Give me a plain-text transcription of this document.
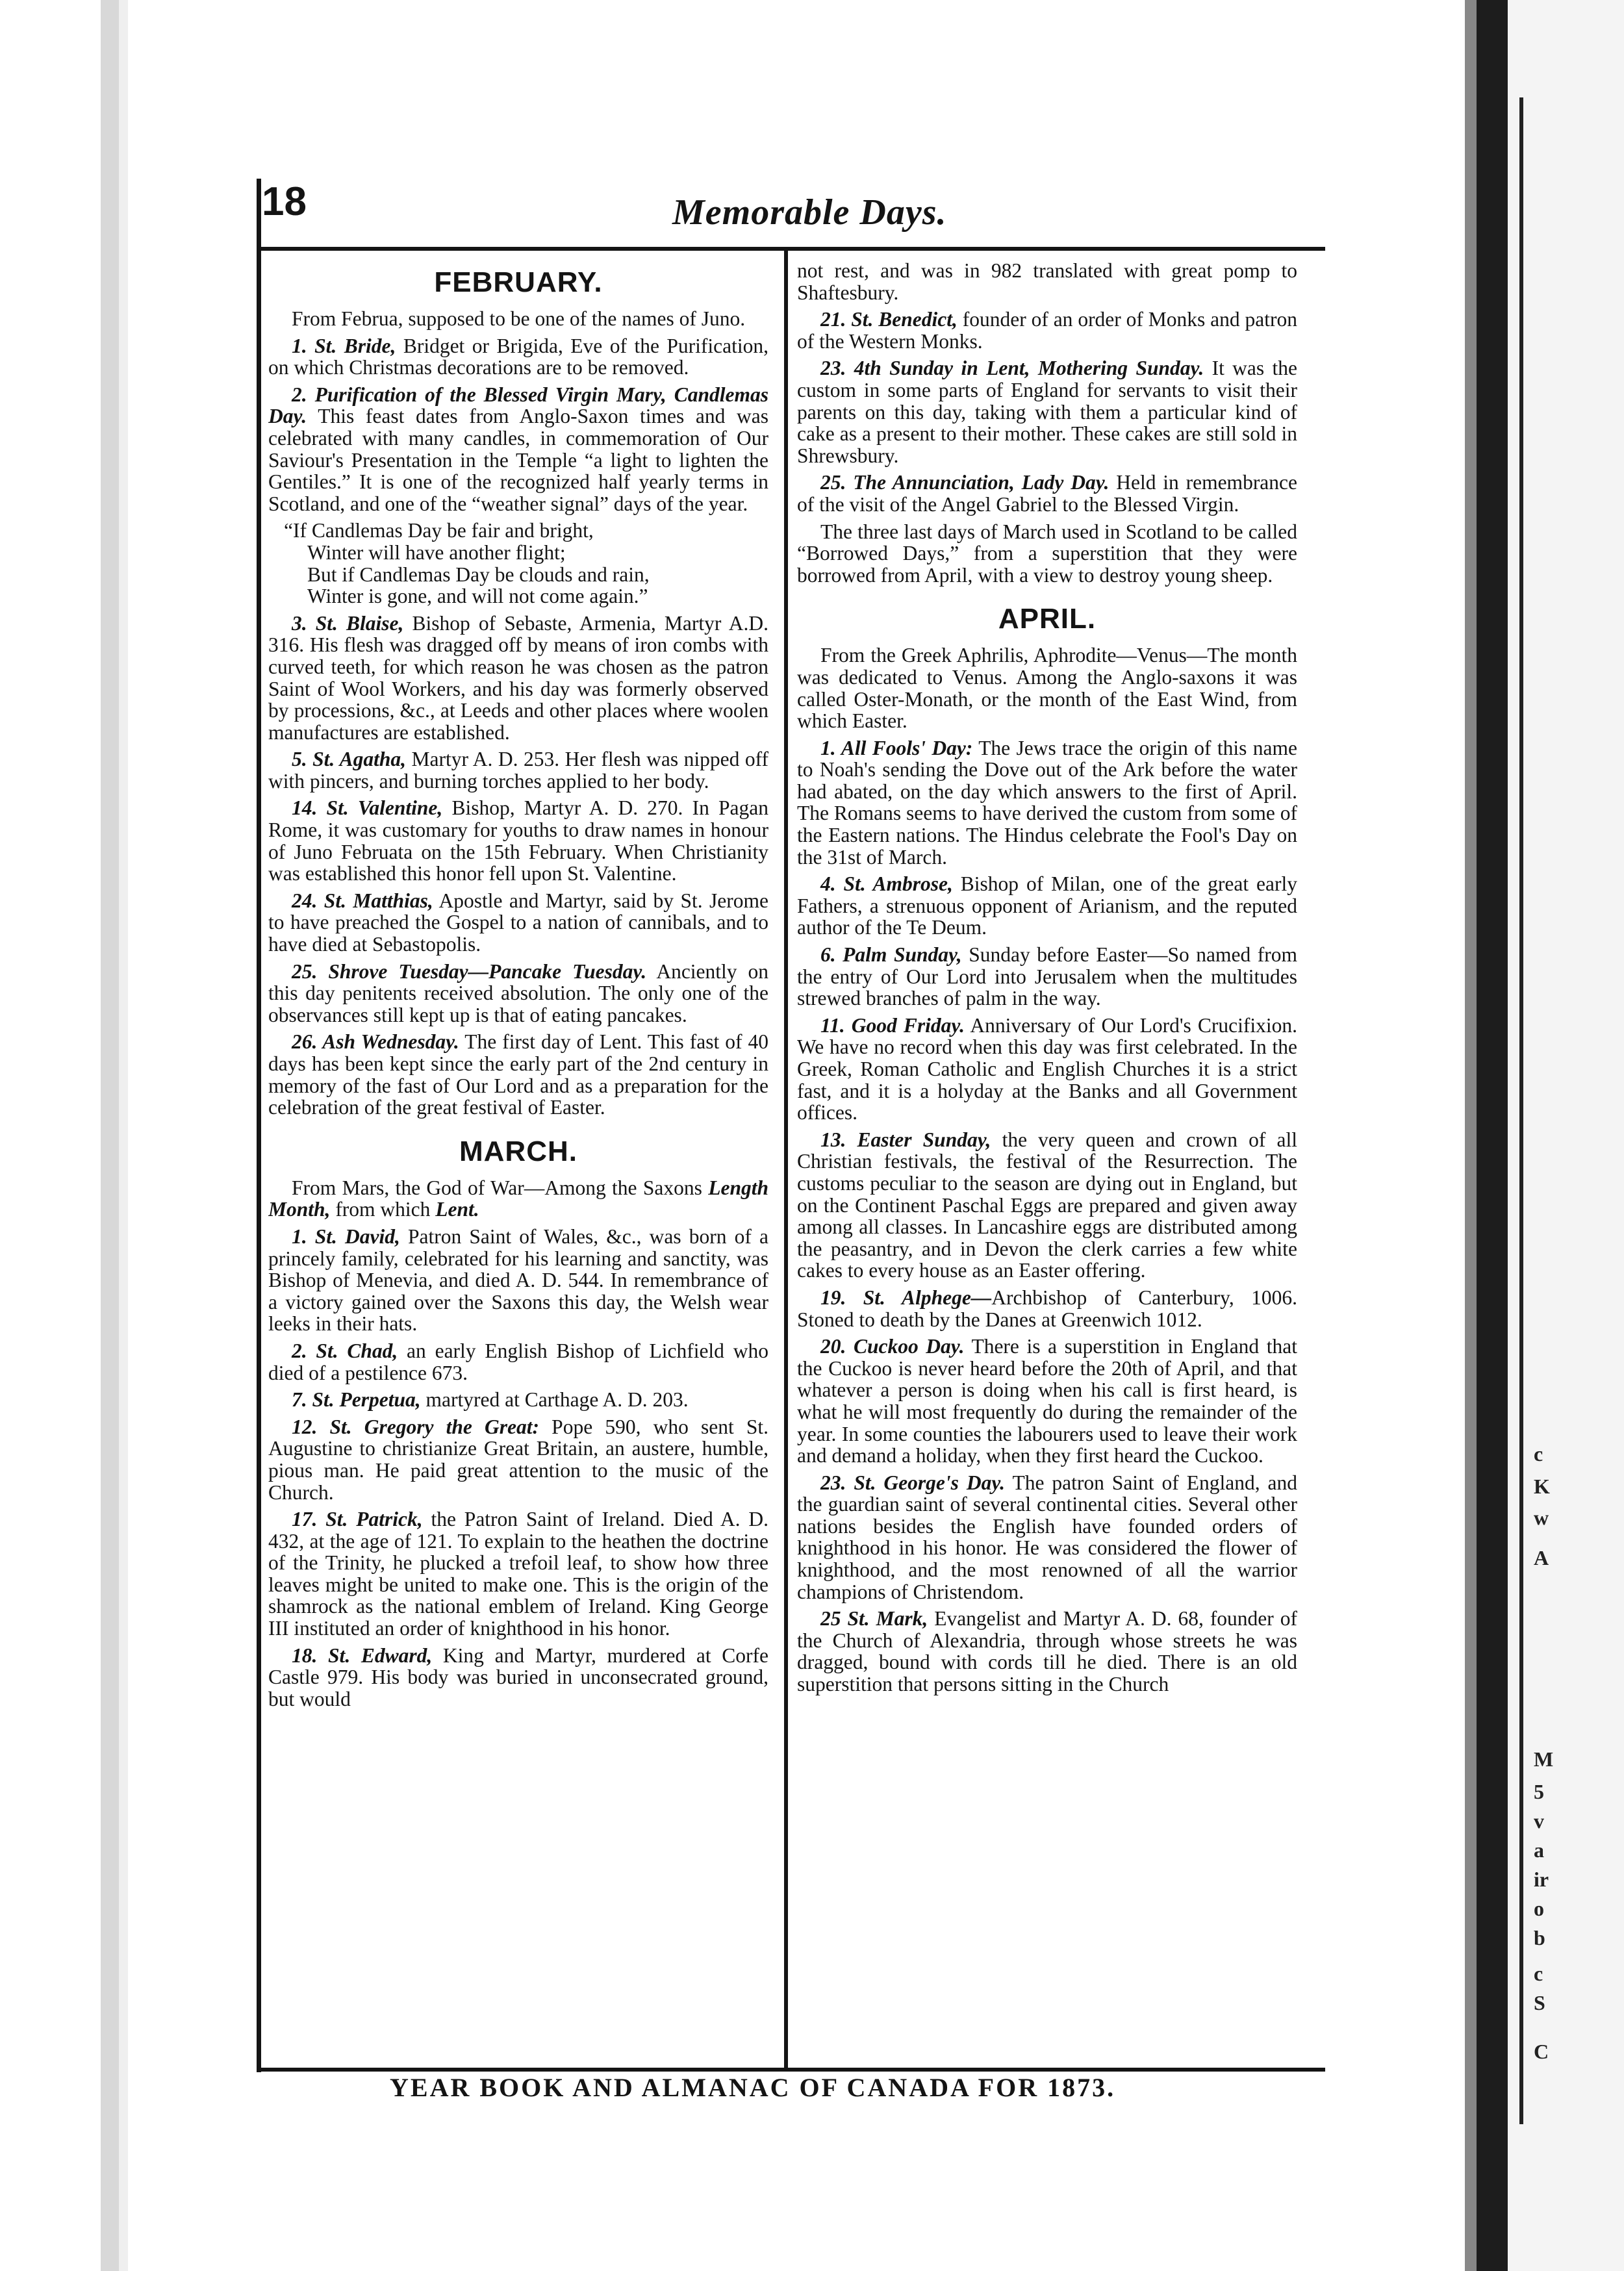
c
K
w
A
M
5
v
a
ir
o
b
c
S
C
18	Memorable Days.
FEBRUARY.

From Februa, supposed to be one of the names of Juno.

1. St. Bride, Bridget or Brigida, Eve of the Purification, on which Christmas decorations are to be removed.

2. Purification of the Blessed Virgin Mary, Candlemas Day. This feast dates from Anglo-Saxon times and was celebrated with many candles, in commemoration of Our Saviour's Presentation in the Temple “a light to lighten the Gentiles.” It is one of the recognized half yearly terms in Scotland, and one of the “weather signal” days of the year.

“If Candlemas Day be fair and bright,
Winter will have another flight;
But if Candlemas Day be clouds and rain,
Winter is gone, and will not come again.”

3. St. Blaise, Bishop of Sebaste, Armenia, Martyr A.D. 316. His flesh was dragged off by means of iron combs with curved teeth, for which reason he was chosen as the patron Saint of Wool Workers, and his day was formerly observed by processions, &c., at Leeds and other places where woolen manufactures are established.

5. St. Agatha, Martyr A. D. 253. Her flesh was nipped off with pincers, and burning torches applied to her body.

14. St. Valentine, Bishop, Martyr A. D. 270. In Pagan Rome, it was customary for youths to draw names in honour of Juno Februata on the 15th February. When Christianity was established this honor fell upon St. Valentine.

24. St. Matthias, Apostle and Martyr, said by St. Jerome to have preached the Gospel to a nation of cannibals, and to have died at Sebastopolis.

25. Shrove Tuesday—Pancake Tuesday. Anciently on this day penitents received absolution. The only one of the observances still kept up is that of eating pancakes.

26. Ash Wednesday. The first day of Lent. This fast of 40 days has been kept since the early part of the 2nd century in memory of the fast of Our Lord and as a preparation for the celebration of the great festival of Easter.

MARCH.

From Mars, the God of War—Among the Saxons Length Month, from which Lent.

1. St. David, Patron Saint of Wales, &c., was born of a princely family, celebrated for his learning and sanctity, was Bishop of Menevia, and died A. D. 544. In remembrance of a victory gained over the Saxons this day, the Welsh wear leeks in their hats.

2. St. Chad, an early English Bishop of Lichfield who died of a pestilence 673.

7. St. Perpetua, martyred at Carthage A. D. 203.

12. St. Gregory the Great: Pope 590, who sent St. Augustine to christianize Great Britain, an austere, humble, pious man. He paid great attention to the music of the Church.

17. St. Patrick, the Patron Saint of Ireland. Died A. D. 432, at the age of 121. To explain to the heathen the doctrine of the Trinity, he plucked a trefoil leaf, to show how three leaves might be united to make one. This is the origin of the shamrock as the national emblem of Ireland. King George III instituted an order of knighthood in his honor.

18. St. Edward, King and Martyr, murdered at Corfe Castle 979. His body was buried in unconsecrated ground, but would

not rest, and was in 982 translated with great pomp to Shaftesbury.

21. St. Benedict, founder of an order of Monks and patron of the Western Monks.

23. 4th Sunday in Lent, Mothering Sunday. It was the custom in some parts of England for servants to visit their parents on this day, taking with them a particular kind of cake as a present to their mother. These cakes are still sold in Shrewsbury.

25. The Annunciation, Lady Day. Held in remembrance of the visit of the Angel Gabriel to the Blessed Virgin.

The three last days of March used in Scotland to be called “Borrowed Days,” from a superstition that they were borrowed from April, with a view to destroy young sheep.

APRIL.

From the Greek Aphrilis, Aphrodite—Venus—The month was dedicated to Venus. Among the Anglo-saxons it was called Oster-Monath, or the month of the East Wind, from which Easter.

1. All Fools' Day: The Jews trace the origin of this name to Noah's sending the Dove out of the Ark before the water had abated, on the day which answers to the first of April. The Romans seems to have derived the custom from some of the Eastern nations. The Hindus celebrate the Fool's Day on the 31st of March.

4. St. Ambrose, Bishop of Milan, one of the great early Fathers, a strenuous opponent of Arianism, and the reputed author of the Te Deum.

6. Palm Sunday, Sunday before Easter—So named from the entry of Our Lord into Jerusalem when the multitudes strewed branches of palm in the way.

11. Good Friday. Anniversary of Our Lord's Crucifixion. We have no record when this day was first celebrated. In the Greek, Roman Catholic and English Churches it is a strict fast, and it is a holyday at the Banks and all Government offices.

13. Easter Sunday, the very queen and crown of all Christian festivals, the festival of the Resurrection. The customs peculiar to the season are dying out in England, but on the Continent Paschal Eggs are prepared and given away among all classes. In Lancashire eggs are distributed among the peasantry, and in Devon the clerk carries a few white cakes to every house as an Easter offering.

19. St. Alphege—Archbishop of Canterbury, 1006. Stoned to death by the Danes at Greenwich 1012.

20. Cuckoo Day. There is a superstition in England that the Cuckoo is never heard before the 20th of April, and that whatever a person is doing when his call is first heard, is what he will most frequently do during the remainder of the year. In some counties the labourers used to leave their work and demand a holiday, when they first heard the Cuckoo.

23. St. George's Day. The patron Saint of England, and the guardian saint of several continental cities. Several other nations besides the English have founded orders of knighthood in his honor. He was considered the flower of knighthood, and the most renowned of all the warrior champions of Christendom.

25 St. Mark, Evangelist and Martyr A. D. 68, founder of the Church of Alexandria, through whose streets he was dragged, bound with cords till he died. There is an old superstition that persons sitting in the Church

YEAR BOOK AND ALMANAC OF CANADA FOR 1873.
